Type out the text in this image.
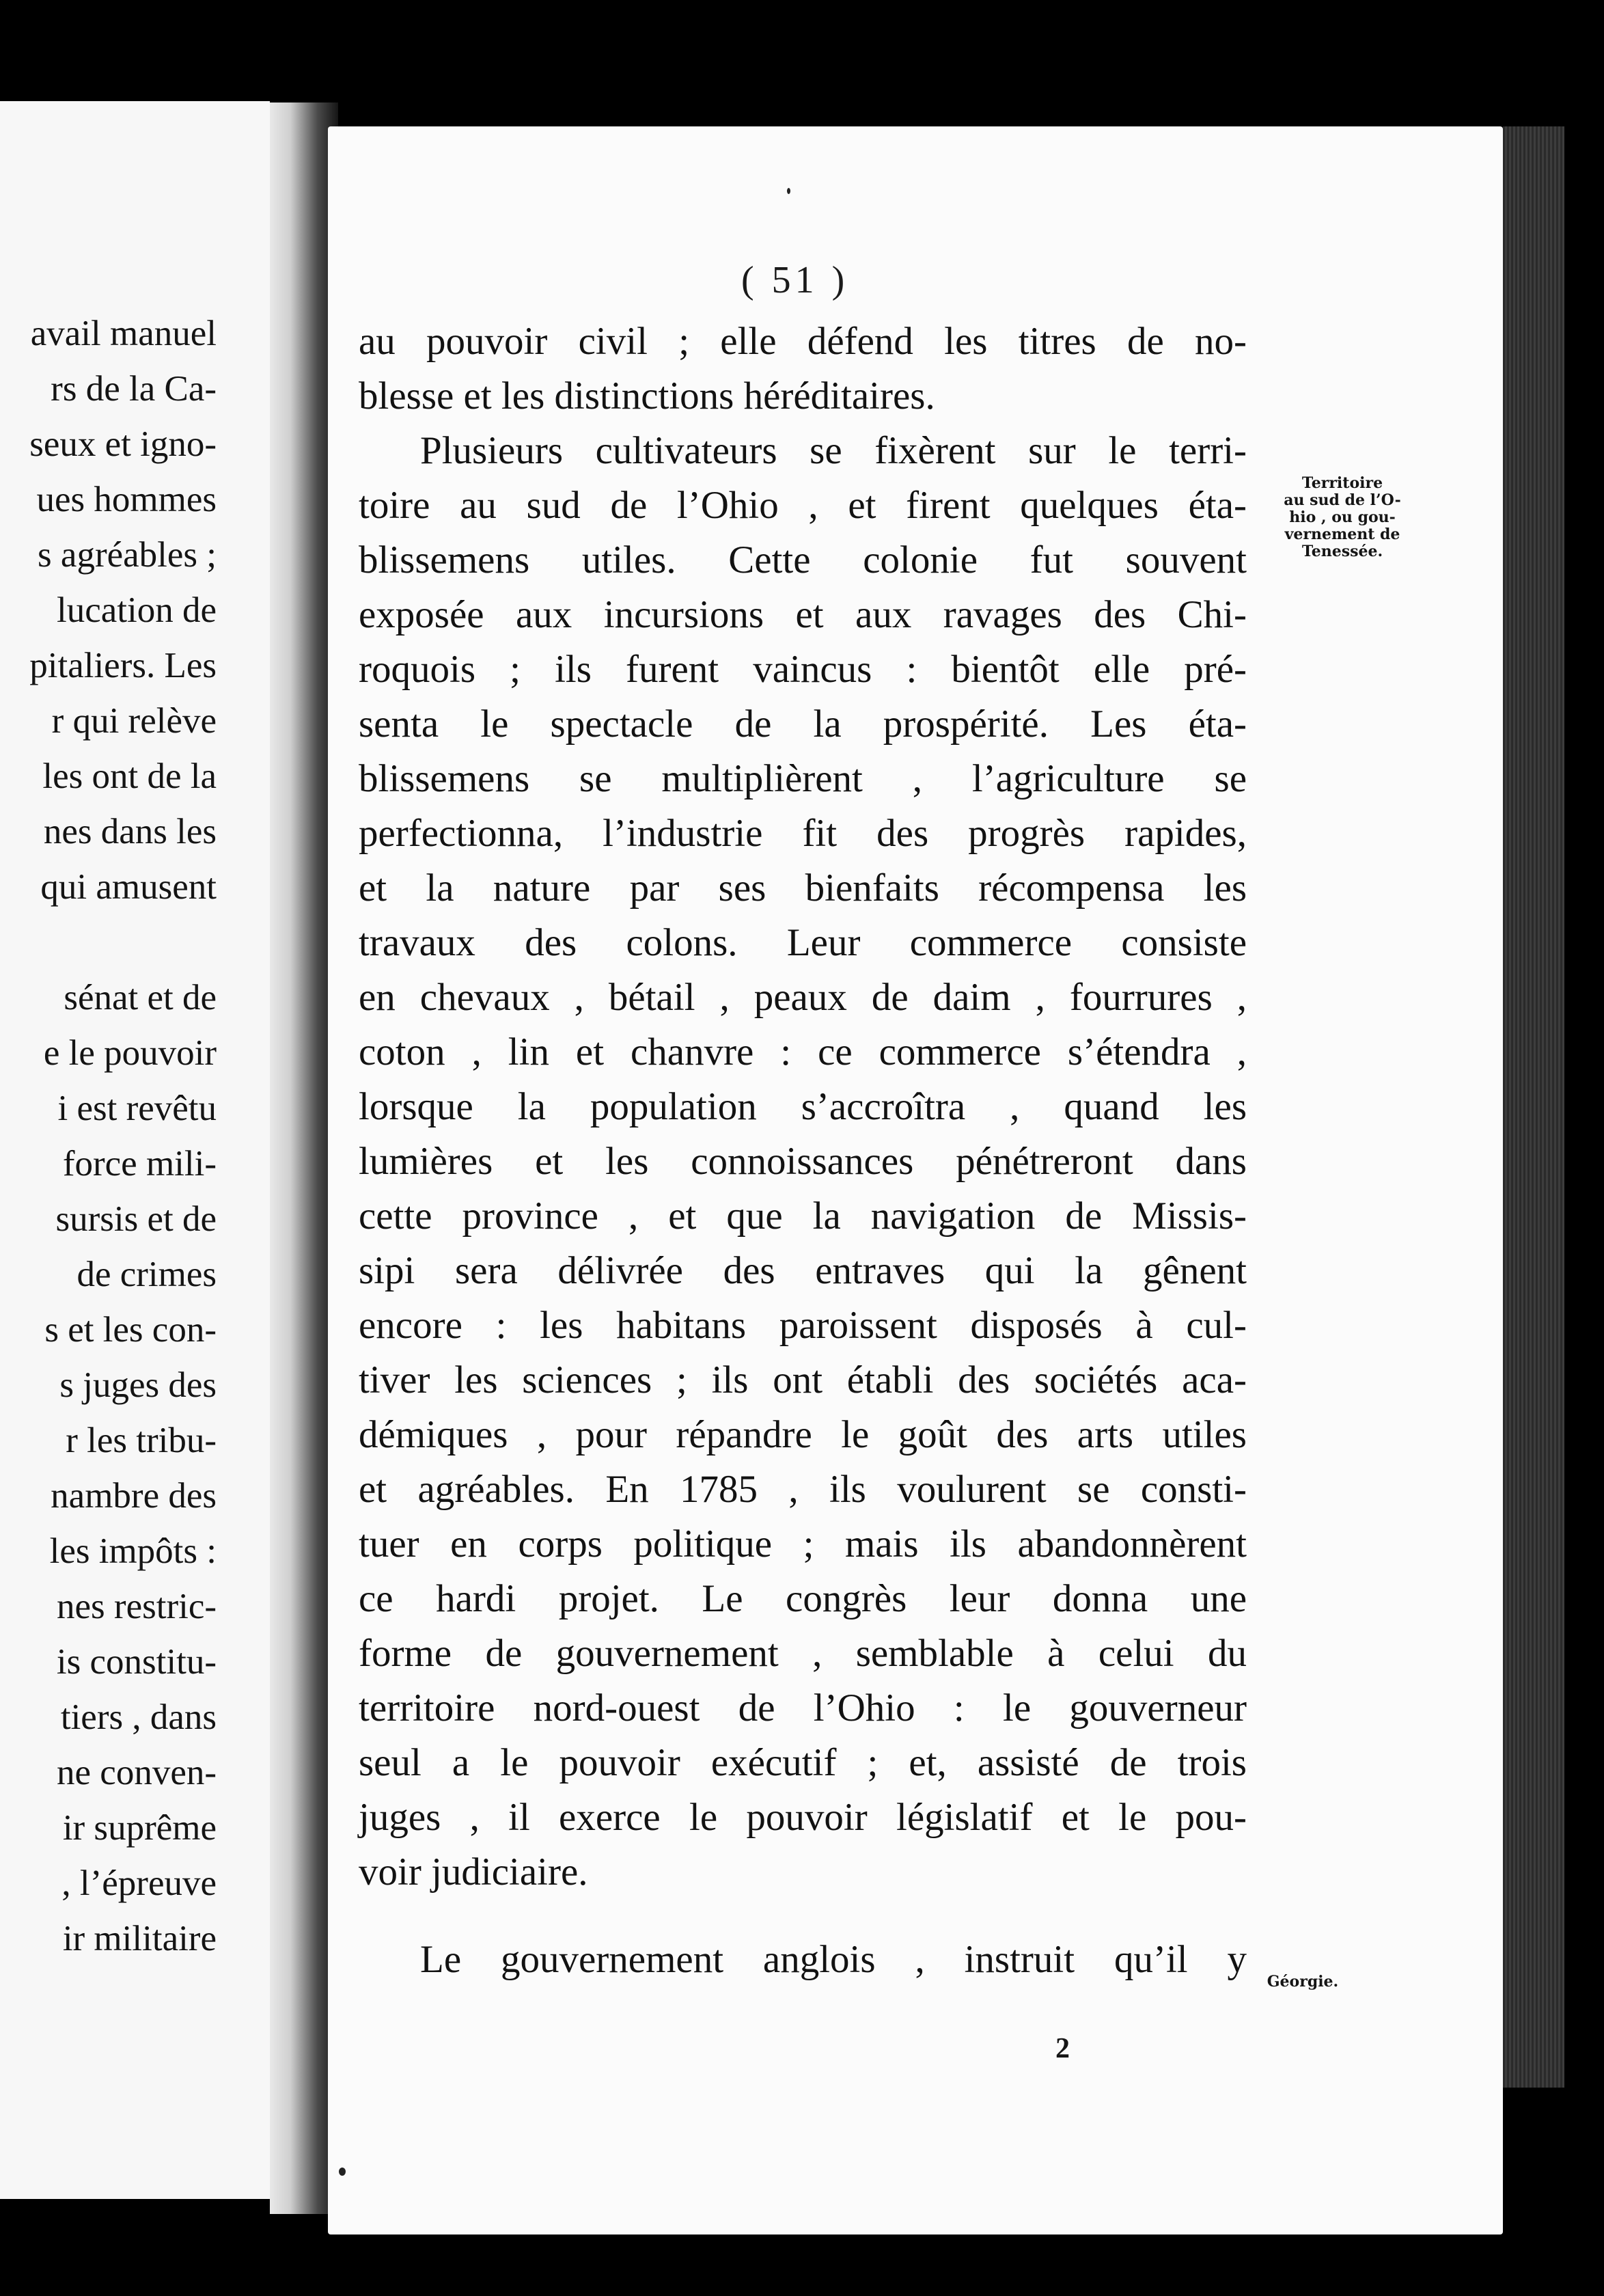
avail manuel
rs de la Ca-
seux et igno-
ues hommes
s agréables ;
lucation de
pitaliers. Les
r qui relève
les ont de la
nes dans les
qui amusent
sénat et de
e le pouvoir
i est revêtu
force mili-
sursis et de
de crimes
s et les con-
s juges des
r les tribu-
nambre des
les impôts :
nes restric-
is constitu-
tiers , dans
ne conven-
ir suprême
, l’épreuve
ir militaire
( 51 )
au pouvoir civil ; elle défend les titres de no-
blesse et les distinctions héréditaires.
Plusieurs cultivateurs se fixèrent sur le terri-
toire au sud de l’Ohio , et firent quelques éta-
blissemens utiles. Cette colonie fut souvent
exposée aux incursions et aux ravages des Chi-
roquois ; ils furent vaincus : bientôt elle pré-
senta le spectacle de la prospérité. Les éta-
blissemens se multiplièrent , l’agriculture se
perfectionna, l’industrie fit des progrès rapides,
et la nature par ses bienfaits récompensa les
travaux des colons. Leur commerce consiste
en chevaux , bétail , peaux de daim , fourrures ,
coton , lin et chanvre : ce commerce s’étendra ,
lorsque la population s’accroîtra , quand les
lumières et les connoissances pénétreront dans
cette province , et que la navigation de Missis-
sipi sera délivrée des entraves qui la gênent
encore : les habitans paroissent disposés à cul-
tiver les sciences ; ils ont établi des sociétés aca-
démiques , pour répandre le goût des arts utiles
et agréables. En 1785 , ils voulurent se consti-
tuer en corps politique ; mais ils abandonnèrent
ce hardi projet. Le congrès leur donna une
forme de gouvernement , semblable à celui du
territoire nord-ouest de l’Ohio : le gouverneur
seul a le pouvoir exécutif ; et, assisté de trois
juges , il exerce le pouvoir législatif et le pou-
voir judiciaire.
Le gouvernement anglois , instruit qu’il y
Territoire
au sud de l’O-
hio , ou gou-
vernement de
Tenessée.
Géorgie.
2
